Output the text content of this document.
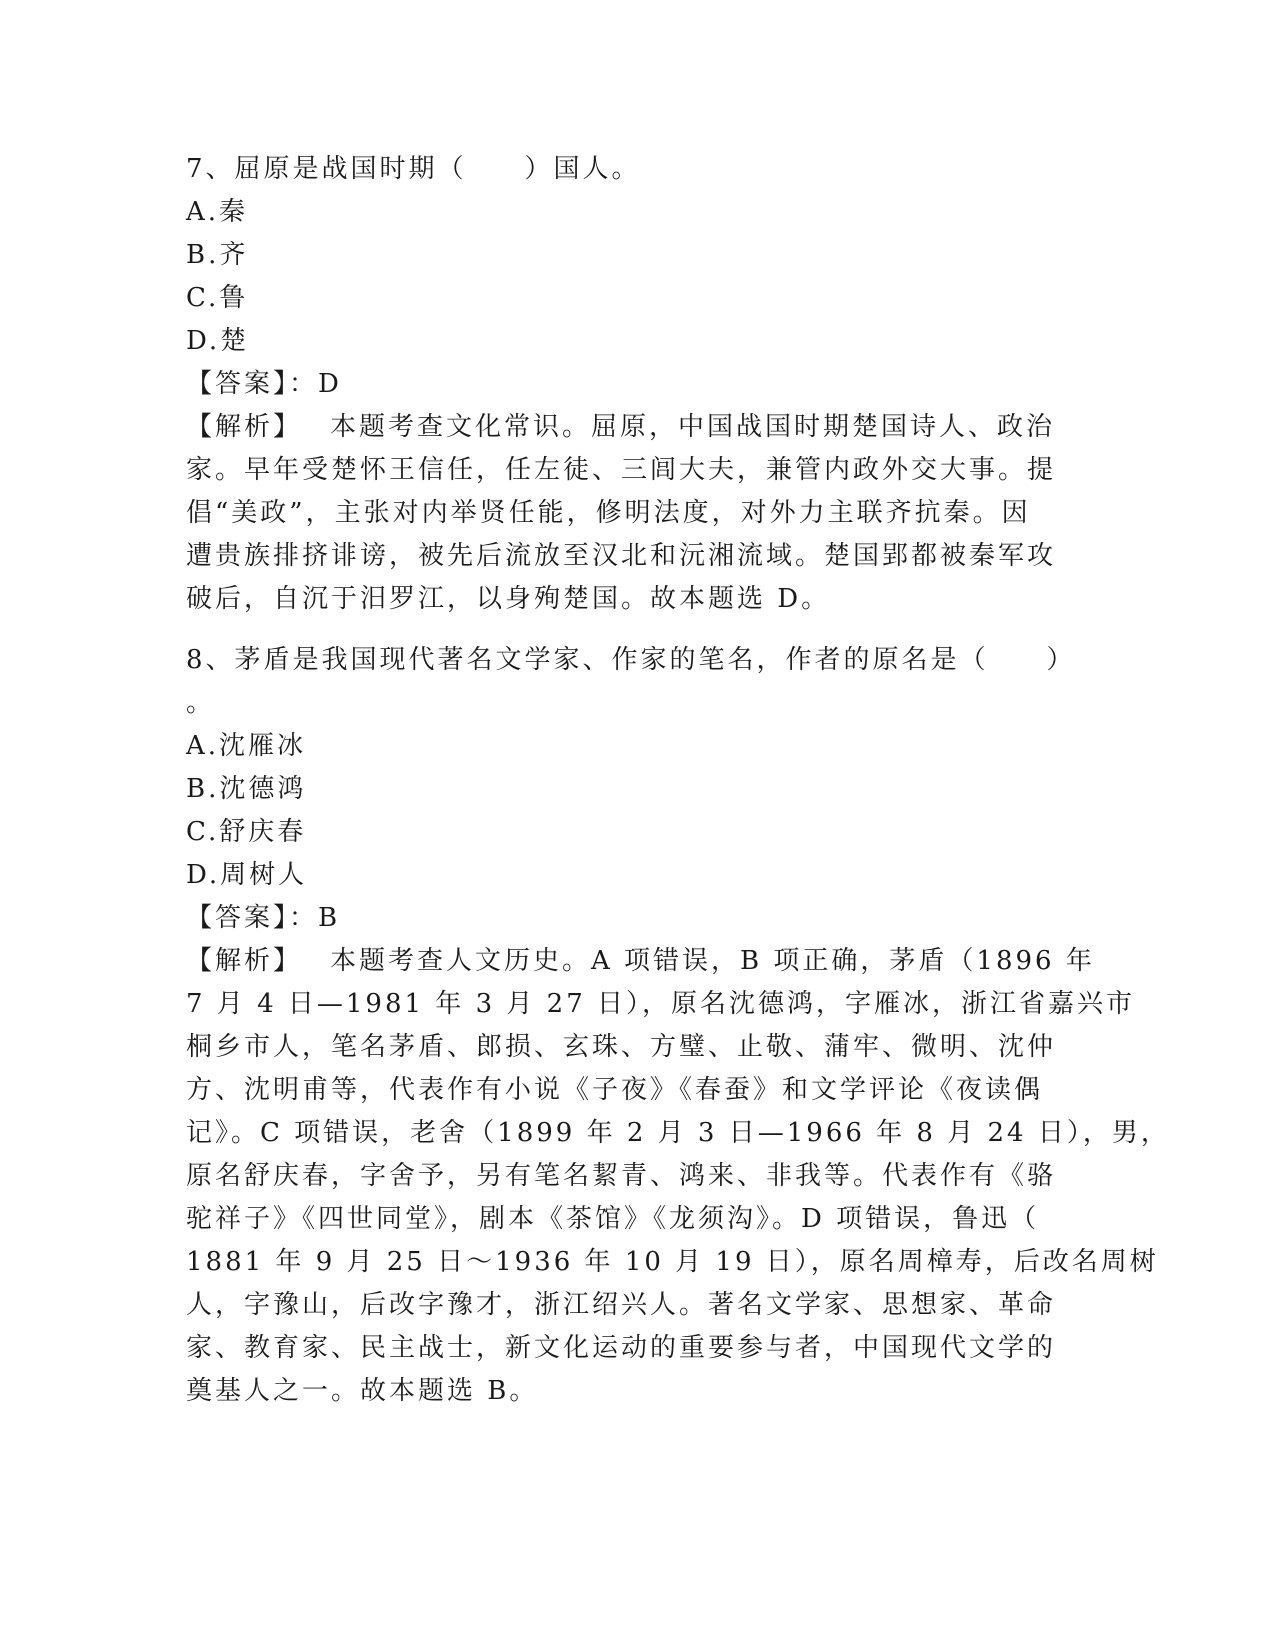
7、屈原是战国时期（　　）国人。

A.秦

B.齐

C.鲁

D.楚

【答案】：D

【解析】 本题考查文化常识。屈原，中国战国时期楚国诗人、政治
家。早年受楚怀王信任，任左徒、三闾大夫，兼管内政外交大事。提
倡“美政”，主张对内举贤任能，修明法度，对外力主联齐抗秦。因
遭贵族排挤诽谤，被先后流放至汉北和沅湘流域。楚国郢都被秦军攻
破后，自沉于汨罗江，以身殉楚国。故本题选 D。

8、茅盾是我国现代著名文学家、作家的笔名，作者的原名是（　　）

。

A.沈雁冰

B.沈德鸿

C.舒庆春

D.周树人

【答案】：B

【解析】 本题考查人文历史。A 项错误，B 项正确，茅盾（1896 年
7 月 4 日—1981 年 3 月 27 日），原名沈德鸿，字雁冰，浙江省嘉兴市
桐乡市人，笔名茅盾、郎损、玄珠、方璧、止敬、蒲牢、微明、沈仲
方、沈明甫等，代表作有小说《子夜》《春蚕》和文学评论《夜读偶
记》。C 项错误，老舍（1899 年 2 月 3 日—1966 年 8 月 24 日），男，
原名舒庆春，字舍予，另有笔名絜青、鸿来、非我等。代表作有《骆
驼祥子》《四世同堂》，剧本《茶馆》《龙须沟》。D 项错误，鲁迅（
1881 年 9 月 25 日～1936 年 10 月 19 日），原名周樟寿，后改名周树
人，字豫山，后改字豫才，浙江绍兴人。著名文学家、思想家、革命
家、教育家、民主战士，新文化运动的重要参与者，中国现代文学的
奠基人之一。故本题选 B。
